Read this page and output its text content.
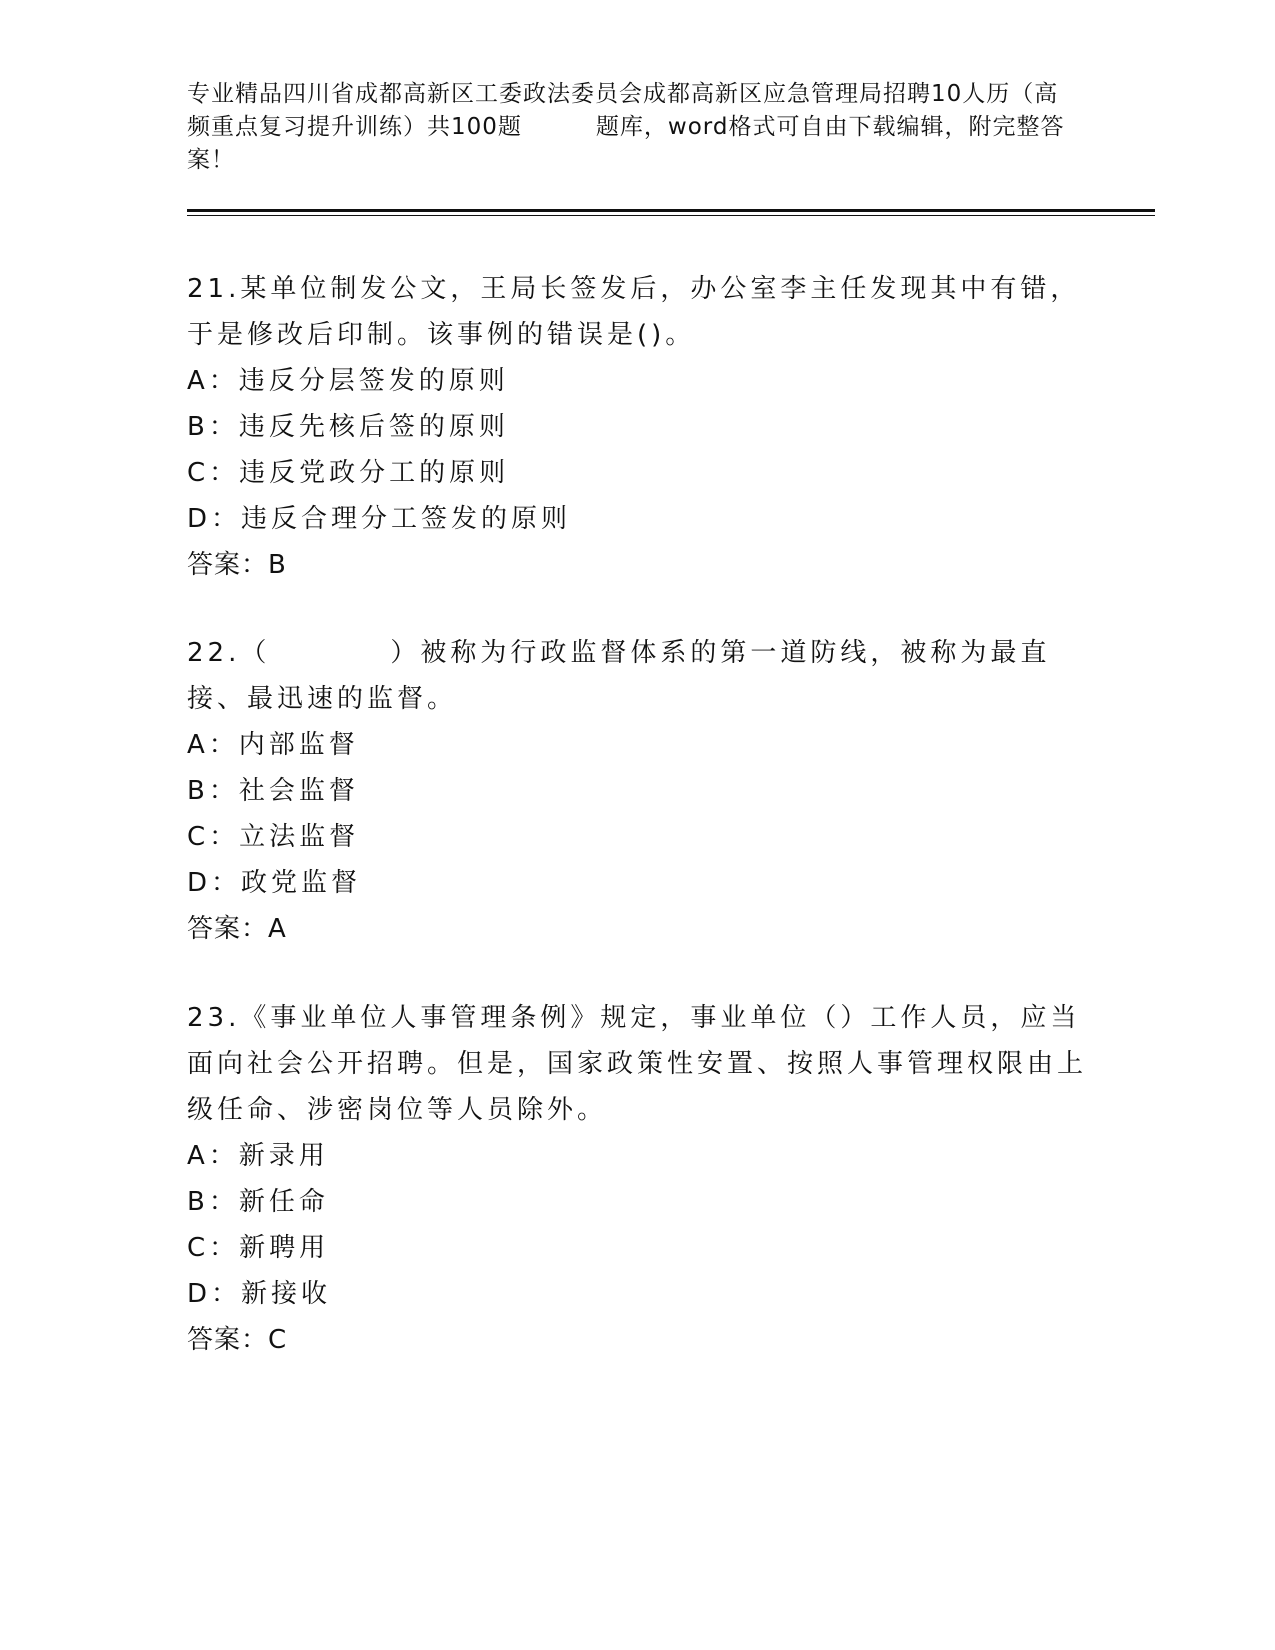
专业精品四川省成都高新区工委政法委员会成都高新区应急管理局招聘10人历（高频重点复习提升训练）共100题	题库，word格式可自由下载编辑，附完整答案！
21.某单位制发公文，王局长签发后，办公室李主任发现其中有错，于是修改后印制。该事例的错误是()。
A：违反分层签发的原则
B：违反先核后签的原则
C：违反党政分工的原则
D：违反合理分工签发的原则
答案：B
22.（	）被称为行政监督体系的第一道防线，被称为最直接、最迅速的监督。
A：内部监督
B：社会监督
C：立法监督
D：政党监督
答案：A
23.《事业单位人事管理条例》规定，事业单位（）工作人员，应当面向社会公开招聘。但是，国家政策性安置、按照人事管理权限由上级任命、涉密岗位等人员除外。
A：新录用
B：新任命
C：新聘用
D：新接收
答案：C
